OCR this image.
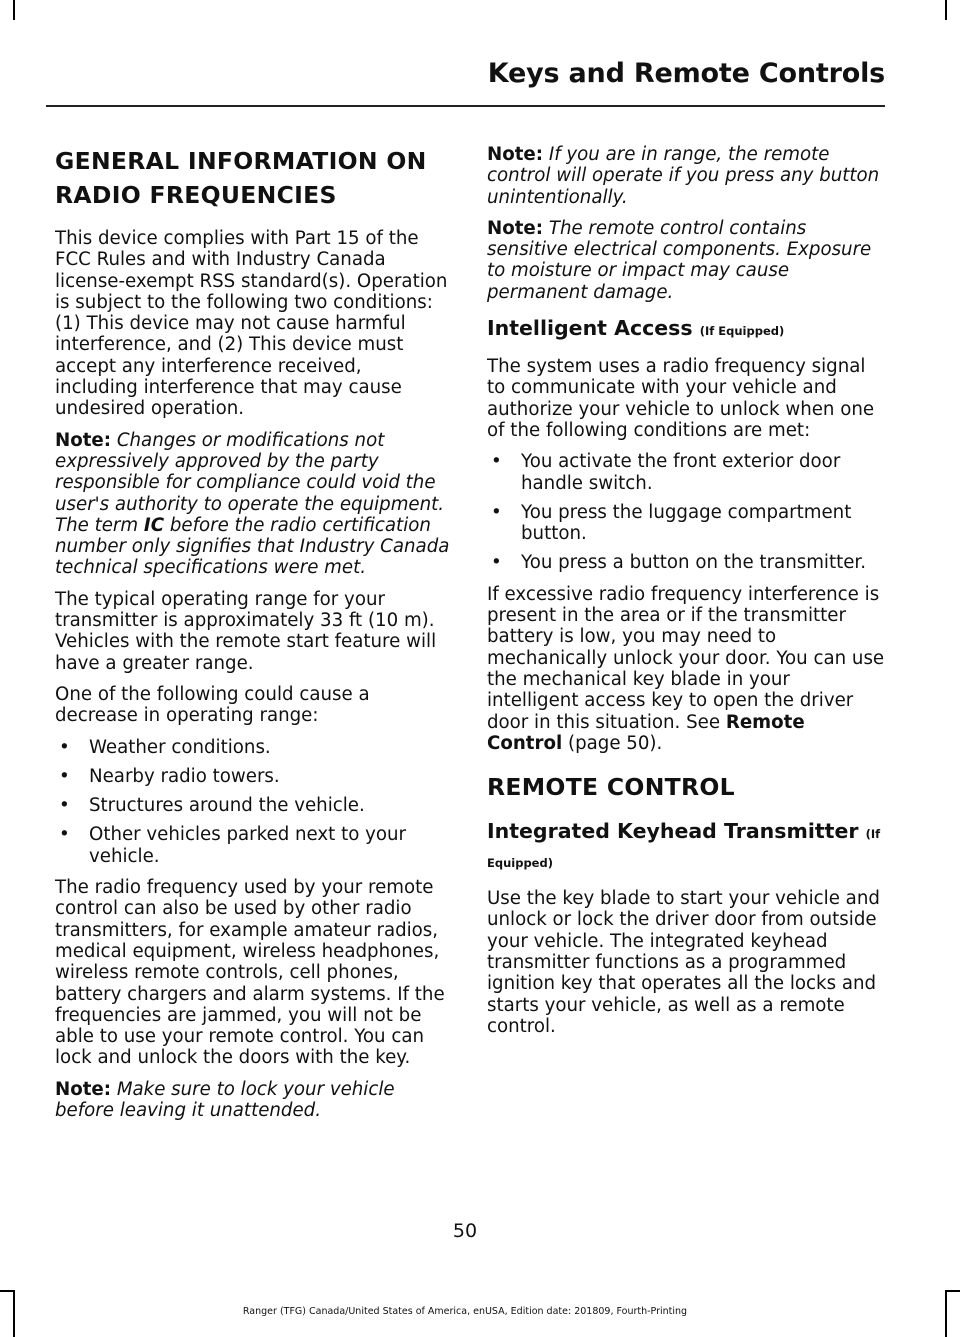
Keys and Remote Controls
GENERAL INFORMATION ON
RADIO FREQUENCIES

This device complies with Part 15 of the FCC Rules and with Industry Canada license-exempt RSS standard(s). Operation is subject to the following two conditions: (1) This device may not cause harmful interference, and (2) This device must accept any interference received, including interference that may cause undesired operation.

Note: Changes or modifications not expressively approved by the party responsible for compliance could void the user's authority to operate the equipment. The term IC before the radio certification number only signifies that Industry Canada technical specifications were met.

The typical operating range for your transmitter is approximately 33 ft (10 m). Vehicles with the remote start feature will have a greater range.

One of the following could cause a decrease in operating range:

• Weather conditions.
• Nearby radio towers.
• Structures around the vehicle.
• Other vehicles parked next to your vehicle.

The radio frequency used by your remote control can also be used by other radio transmitters, for example amateur radios, medical equipment, wireless headphones, wireless remote controls, cell phones, battery chargers and alarm systems. If the frequencies are jammed, you will not be able to use your remote control. You can lock and unlock the doors with the key.

Note: Make sure to lock your vehicle before leaving it unattended.

Note: If you are in range, the remote control will operate if you press any button unintentionally.

Note: The remote control contains sensitive electrical components. Exposure to moisture or impact may cause permanent damage.

Intelligent Access (If Equipped)

The system uses a radio frequency signal to communicate with your vehicle and authorize your vehicle to unlock when one of the following conditions are met:

• You activate the front exterior door handle switch.
• You press the luggage compartment button.
• You press a button on the transmitter.

If excessive radio frequency interference is present in the area or if the transmitter battery is low, you may need to mechanically unlock your door. You can use the mechanical key blade in your intelligent access key to open the driver door in this situation. See Remote Control (page 50).

REMOTE CONTROL
Integrated Keyhead Transmitter (If Equipped)

Use the key blade to start your vehicle and unlock or lock the driver door from outside your vehicle. The integrated keyhead transmitter functions as a programmed ignition key that operates all the locks and starts your vehicle, as well as a remote control.

50
Ranger (TFG) Canada/United States of America, enUSA, Edition date: 201809, Fourth-Printing
